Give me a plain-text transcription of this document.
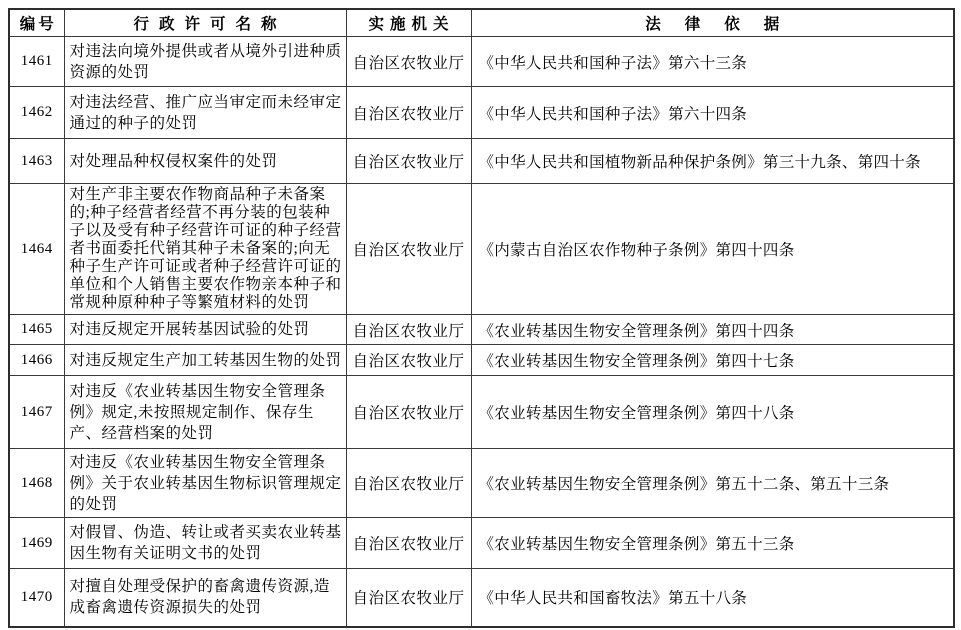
编号	行政许可名称	实施机关	法律依据
1461	对违法向境外提供或者从境外引进种质资源的处罚	自治区农牧业厅	《中华人民共和国种子法》第六十三条
1462	对违法经营、推广应当审定而未经审定通过的种子的处罚	自治区农牧业厅	《中华人民共和国种子法》第六十四条
1463	对处理品种权侵权案件的处罚	自治区农牧业厅	《中华人民共和国植物新品种保护条例》第三十九条、第四十条
1464	对生产非主要农作物商品种子未备案的;种子经营者经营不再分装的包装种子以及受有种子经营许可证的种子经营者书面委托代销其种子未备案的;向无种子生产许可证或者种子经营许可证的单位和个人销售主要农作物亲本种子和常规种原种种子等繁殖材料的处罚	自治区农牧业厅	《内蒙古自治区农作物种子条例》第四十四条
1465	对违反规定开展转基因试验的处罚	自治区农牧业厅	《农业转基因生物安全管理条例》第四十四条
1466	对违反规定生产加工转基因生物的处罚	自治区农牧业厅	《农业转基因生物安全管理条例》第四十七条
1467	对违反《农业转基因生物安全管理条例》规定,未按照规定制作、保存生产、经营档案的处罚	自治区农牧业厅	《农业转基因生物安全管理条例》第四十八条
1468	对违反《农业转基因生物安全管理条例》关于农业转基因生物标识管理规定的处罚	自治区农牧业厅	《农业转基因生物安全管理条例》第五十二条、第五十三条
1469	对假冒、伪造、转让或者买卖农业转基因生物有关证明文书的处罚	自治区农牧业厅	《农业转基因生物安全管理条例》第五十三条
1470	对擅自处理受保护的畜禽遗传资源,造成畜禽遗传资源损失的处罚	自治区农牧业厅	《中华人民共和国畜牧法》第五十八条
